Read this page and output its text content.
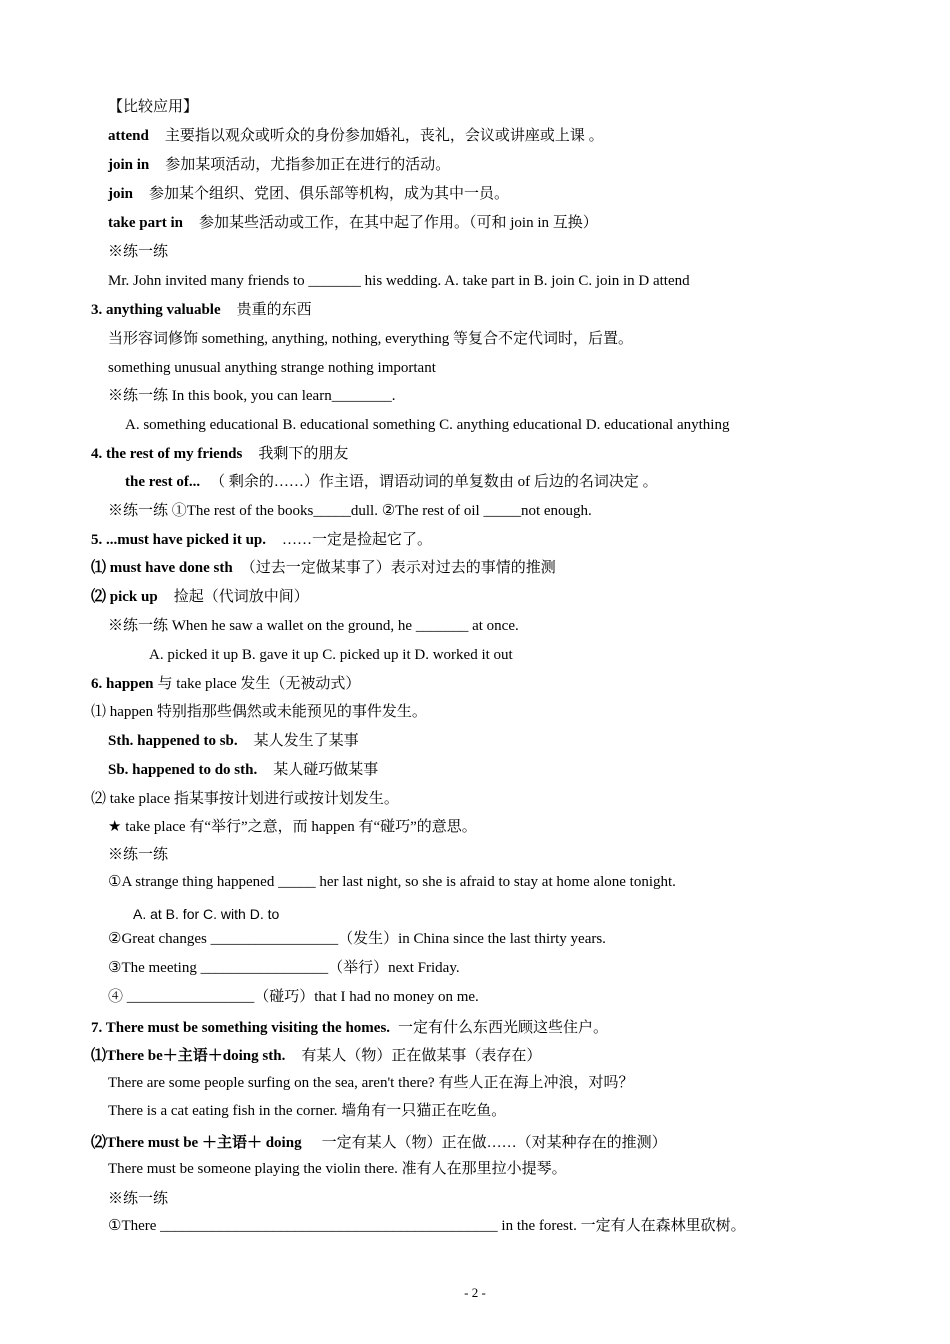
【比较应用】
attend 主要指以观众或听众的身份参加婚礼，丧礼，会议或讲座或上课 。
join in 参加某项活动，尤指参加正在进行的活动。
join 参加某个组织、党团、俱乐部等机构，成为其中一员。
take part in 参加某些活动或工作，在其中起了作用。（可和 join in 互换）
※练一练
Mr. John invited many friends to _______ his wedding. A. take part in B. join C. join in D attend
3. anything valuable 贵重的东西
当形容词修饰 something, anything, nothing, everything 等复合不定代词时，后置。
something unusual anything strange nothing important
※练一练 In this book, you can learn________.
A. something educational B. educational something C. anything educational D. educational anything
4. the rest of my friends 我剩下的朋友
the rest of... （ 剩余的……）作主语，谓语动词的单复数由 of 后边的名词决定 。
※练一练 ①The rest of the books_____dull. ②The rest of oil _____not enough.
5. ...must have picked it up. ……一定是捡起它了。
⑴ must have done sth （过去一定做某事了）表示对过去的事情的推测
⑵ pick up 捡起（代词放中间）
※练一练 When he saw a wallet on the ground, he _______ at once.
A. picked it up B. gave it up C. picked up it D. worked it out
6. happen 与 take place 发生（无被动式）
⑴ happen 特别指那些偶然或未能预见的事件发生。
Sth. happened to sb. 某人发生了某事
Sb. happened to do sth. 某人碰巧做某事
⑵ take place 指某事按计划进行或按计划发生。
★ take place 有“举行”之意，而 happen 有“碰巧”的意思。
※练一练
①A strange thing happened _____ her last night, so she is afraid to stay at home alone tonight.
A. at B. for C. with D. to
②Great changes _________________（发生）in China since the last thirty years.
③The meeting _________________（举行）next Friday.
④ _________________（碰巧）that I had no money on me.
7. There must be something visiting the homes. 一定有什么东西光顾这些住户。
⑴There be＋主语＋doing sth. 有某人（物）正在做某事（表存在）
There are some people surfing on the sea, aren't there? 有些人正在海上冲浪，对吗？
There is a cat eating fish in the corner. 墙角有一只猫正在吃鱼。
⑵There must be ＋主语＋ doing 一定有某人（物）正在做……（对某种存在的推测）
There must be someone playing the violin there. 准有人在那里拉小提琴。
※练一练
①There _____________________________________________ in the forest. 一定有人在森林里砍树。
- 2 -
